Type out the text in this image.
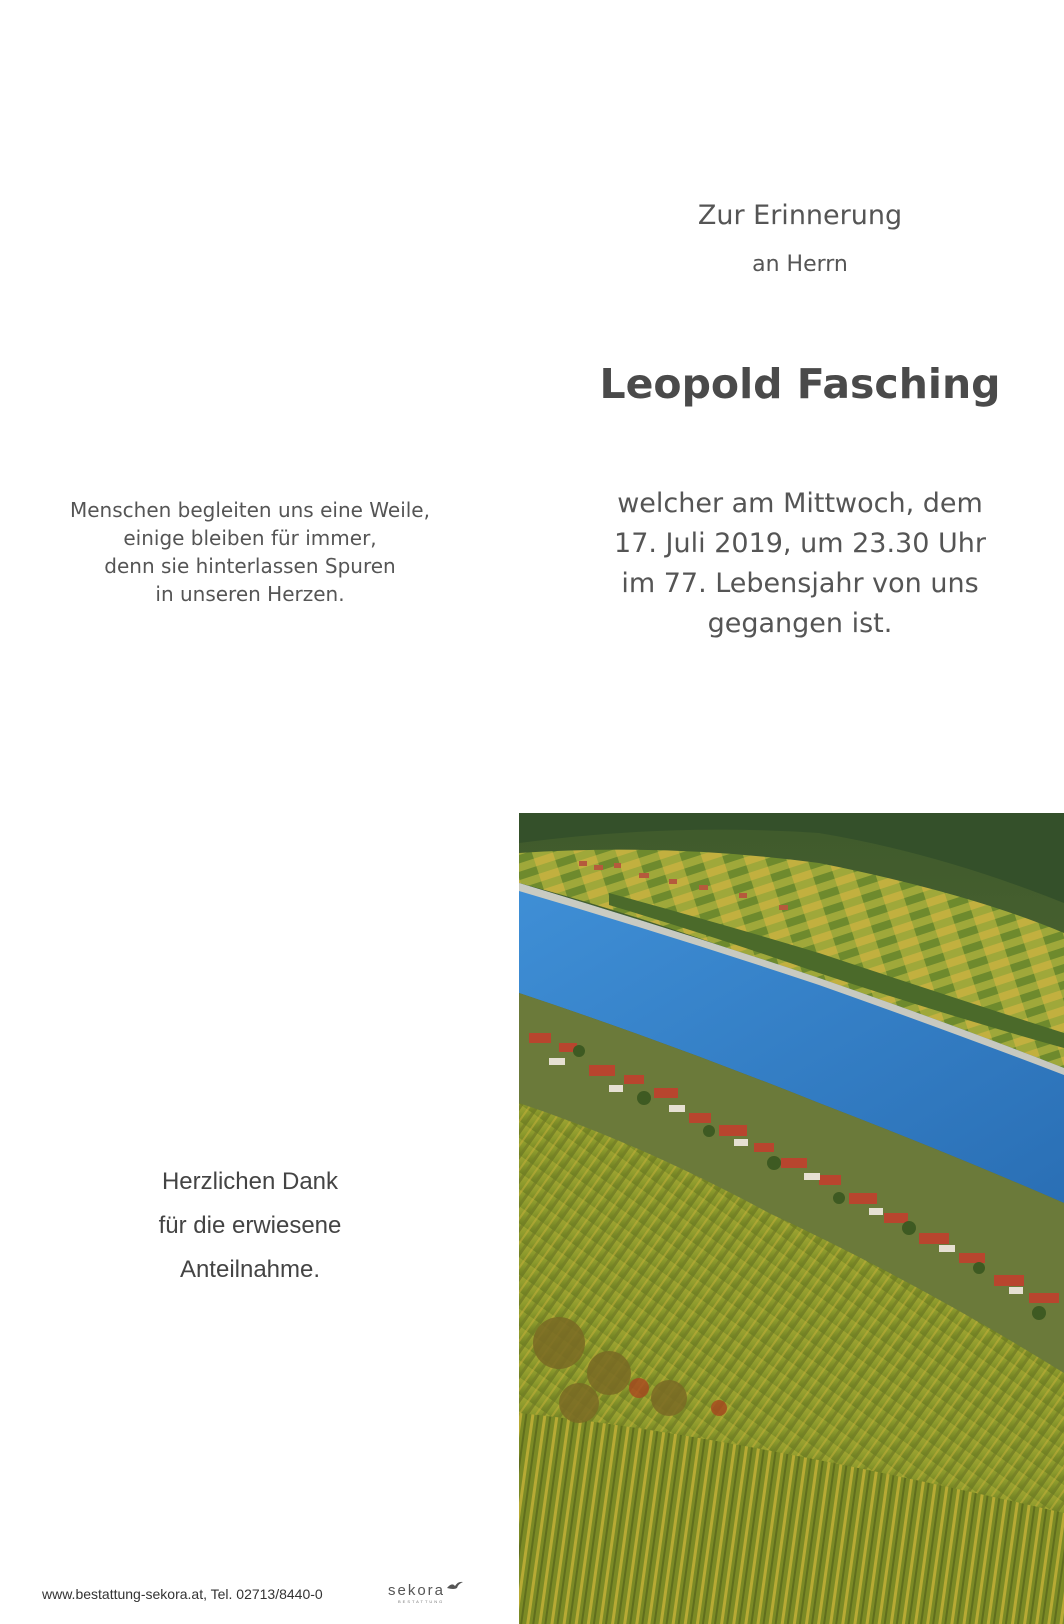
Zur Erinnerung
an Herrn
Leopold Fasching
welcher am Mittwoch, dem
17. Juli 2019, um 23.30 Uhr
im 77. Lebensjahr von uns
gegangen ist.
Menschen begleiten uns eine Weile,
einige bleiben für immer,
denn sie hinterlassen Spuren
in unseren Herzen.
Herzlichen Dank
für die erwiesene
Anteilnahme.
www.bestattung-sekora.at, Tel. 02713/8440-0	sekora
BESTATTUNG
